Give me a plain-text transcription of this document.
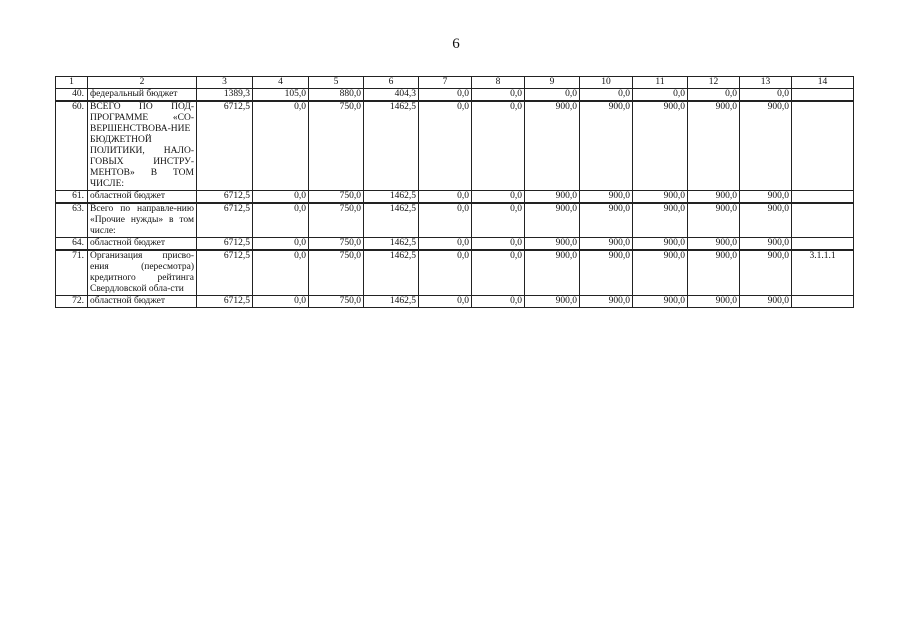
6
1	2	3	4	5	6	7	8	9	10	11	12	13	14
40.	федеральный бюджет	1389,3	105,0	880,0	404,3	0,0	0,0	0,0	0,0	0,0	0,0	0,0	
60.	ВСЕГО ПО ПОД-ПРОГРАММЕ «СО-ВЕРШЕНСТВОВА-НИЕ БЮДЖЕТНОЙ ПОЛИТИКИ, НАЛО-ГОВЫХ ИНСТРУ-МЕНТОВ» В ТОМ ЧИСЛЕ:	6712,5	0,0	750,0	1462,5	0,0	0,0	900,0	900,0	900,0	900,0	900,0	
61.	областной бюджет	6712,5	0,0	750,0	1462,5	0,0	0,0	900,0	900,0	900,0	900,0	900,0	
63.	Всего по направле-нию «Прочие нужды» в том числе:	6712,5	0,0	750,0	1462,5	0,0	0,0	900,0	900,0	900,0	900,0	900,0	
64.	областной бюджет	6712,5	0,0	750,0	1462,5	0,0	0,0	900,0	900,0	900,0	900,0	900,0	
71.	Организация присво-ения (пересмотра) кредитного рейтинга Свердловской обла-сти	6712,5	0,0	750,0	1462,5	0,0	0,0	900,0	900,0	900,0	900,0	900,0	3.1.1.1
72.	областной бюджет	6712,5	0,0	750,0	1462,5	0,0	0,0	900,0	900,0	900,0	900,0	900,0	
